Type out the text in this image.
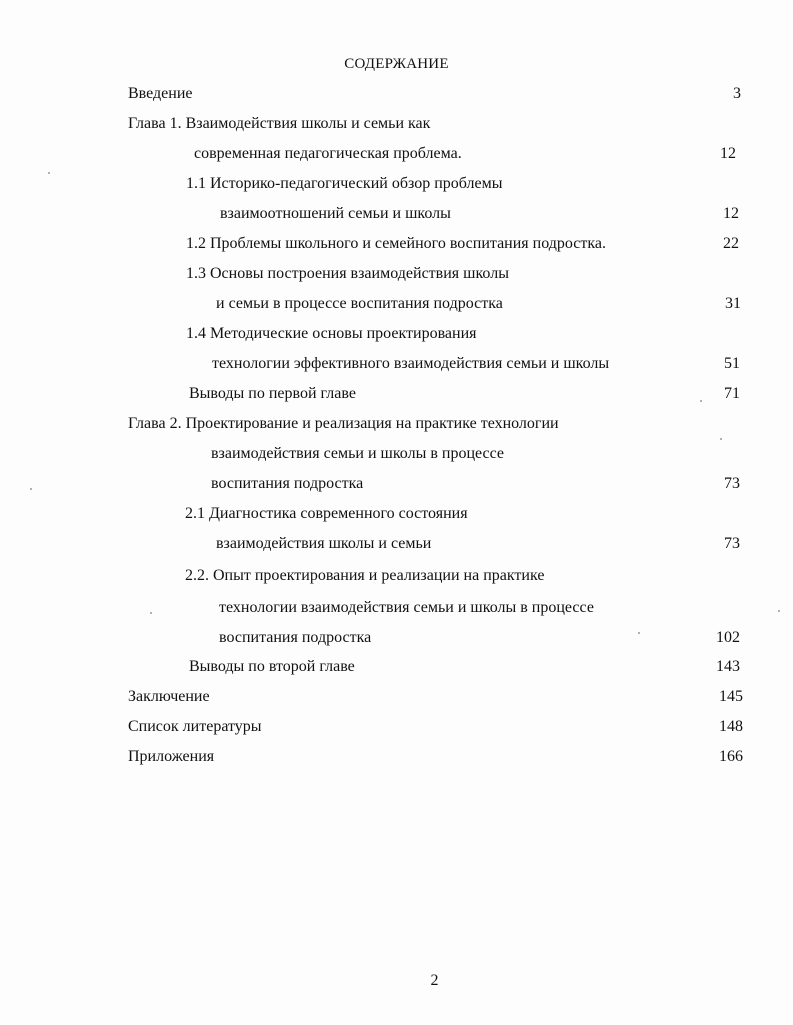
СОДЕРЖАНИЕ
Введение	3
Глава 1. Взаимодействия школы и семьи как
современная педагогическая проблема.	12
1.1 Историко-педагогический обзор проблемы
взаимоотношений семьи и школы	12
1.2 Проблемы школьного и семейного воспитания подростка.	22
1.3 Основы построения взаимодействия школы
и семьи в процессе воспитания подростка	31
1.4 Методические основы проектирования
технологии эффективного взаимодействия семьи и школы	51
Выводы по первой главе	71
Глава 2. Проектирование и реализация на практике технологии
взаимодействия семьи и школы в процессе
воспитания подростка	73
2.1 Диагностика современного состояния
взаимодействия школы и семьи	73
2.2. Опыт проектирования и реализации на практике
технологии взаимодействия семьи и школы в процессе
воспитания подростка	102
Выводы по второй главе	143
Заключение	145
Список литературы	148
Приложения	166
2
